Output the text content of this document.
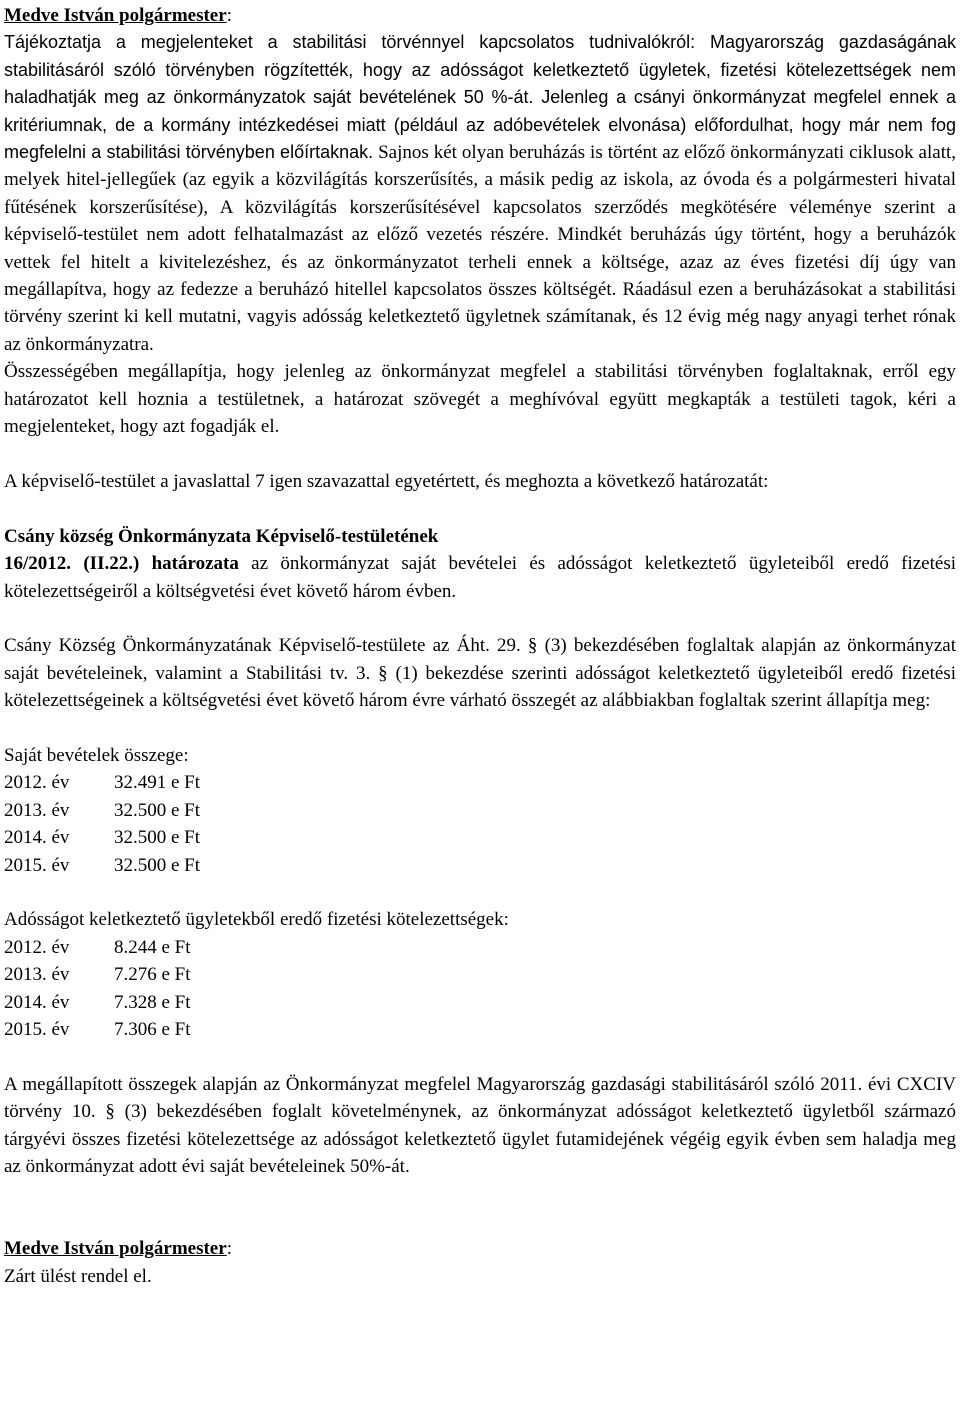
Medve István polgármester:

Tájékoztatja a megjelenteket a stabilitási törvénnyel kapcsolatos tudnivalókról: Magyarország gazdaságának stabilitásáról szóló törvényben rögzítették, hogy az adósságot keletkeztető ügyletek, fizetési kötelezettségek nem haladhatják meg az önkormányzatok saját bevételének 50 %-át. Jelenleg a csányi önkormányzat megfelel ennek a kritériumnak, de a kormány intézkedései miatt (például az adóbevételek elvonása) előfordulhat, hogy már nem fog megfelelni a stabilitási törvényben előírtaknak. Sajnos két olyan beruházás is történt az előző önkormányzati ciklusok alatt, melyek hitel-jellegűek (az egyik a közvilágítás korszerűsítés, a másik pedig az iskola, az óvoda és a polgármesteri hivatal fűtésének korszerűsítése), A közvilágítás korszerűsítésével kapcsolatos szerződés megkötésére véleménye szerint a képviselő-testület nem adott felhatalmazást az előző vezetés részére. Mindkét beruházás úgy történt, hogy a beruházók vettek fel hitelt a kivitelezéshez, és az önkormányzatot terheli ennek a költsége, azaz az éves fizetési díj úgy van megállapítva, hogy az fedezze a beruházó hitellel kapcsolatos összes költségét. Ráadásul ezen a beruházásokat a stabilitási törvény szerint ki kell mutatni, vagyis adósság keletkeztető ügyletnek számítanak, és 12 évig még nagy anyagi terhet rónak az önkormányzatra.

Összességében megállapítja, hogy jelenleg az önkormányzat megfelel a stabilitási törvényben foglaltaknak, erről egy határozatot kell hoznia a testületnek, a határozat szövegét a meghívóval együtt megkapták a testületi tagok, kéri a megjelenteket, hogy azt fogadják el.

A képviselő-testület a javaslattal 7 igen szavazattal egyetértett, és meghozta a következő határozatát:

Csány község Önkormányzata Képviselő-testületének

16/2012. (II.22.) határozata az önkormányzat saját bevételei és adósságot keletkeztető ügyleteiből eredő fizetési kötelezettségeiről a költségvetési évet követő három évben.

Csány Község Önkormányzatának Képviselő-testülete az Áht. 29. § (3) bekezdésében foglaltak alapján az önkormányzat saját bevételeinek, valamint a Stabilitási tv. 3. § (1) bekezdése szerinti adósságot keletkeztető ügyleteiből eredő fizetési kötelezettségeinek a költségvetési évet követő három évre várható összegét az alábbiakban foglaltak szerint állapítja meg:

Saját bevételek összege:

2012. év	32.491 e Ft
2013. év	32.500 e Ft
2014. év	32.500 e Ft
2015. év	32.500 e Ft

Adósságot keletkeztető ügyletekből eredő fizetési kötelezettségek:

2012. év	8.244 e Ft
2013. év	7.276 e Ft
2014. év	7.328 e Ft
2015. év	7.306 e Ft

A megállapított összegek alapján az Önkormányzat megfelel Magyarország gazdasági stabilitásáról szóló 2011. évi CXCIV törvény 10. § (3) bekezdésében foglalt követelménynek, az önkormányzat adósságot keletkeztető ügyletből származó tárgyévi összes fizetési kötelezettsége az adósságot keletkeztető ügylet futamidejének végéig egyik évben sem haladja meg az önkormányzat adott évi saját bevételeinek 50%-át.

Medve István polgármester:

Zárt ülést rendel el.
